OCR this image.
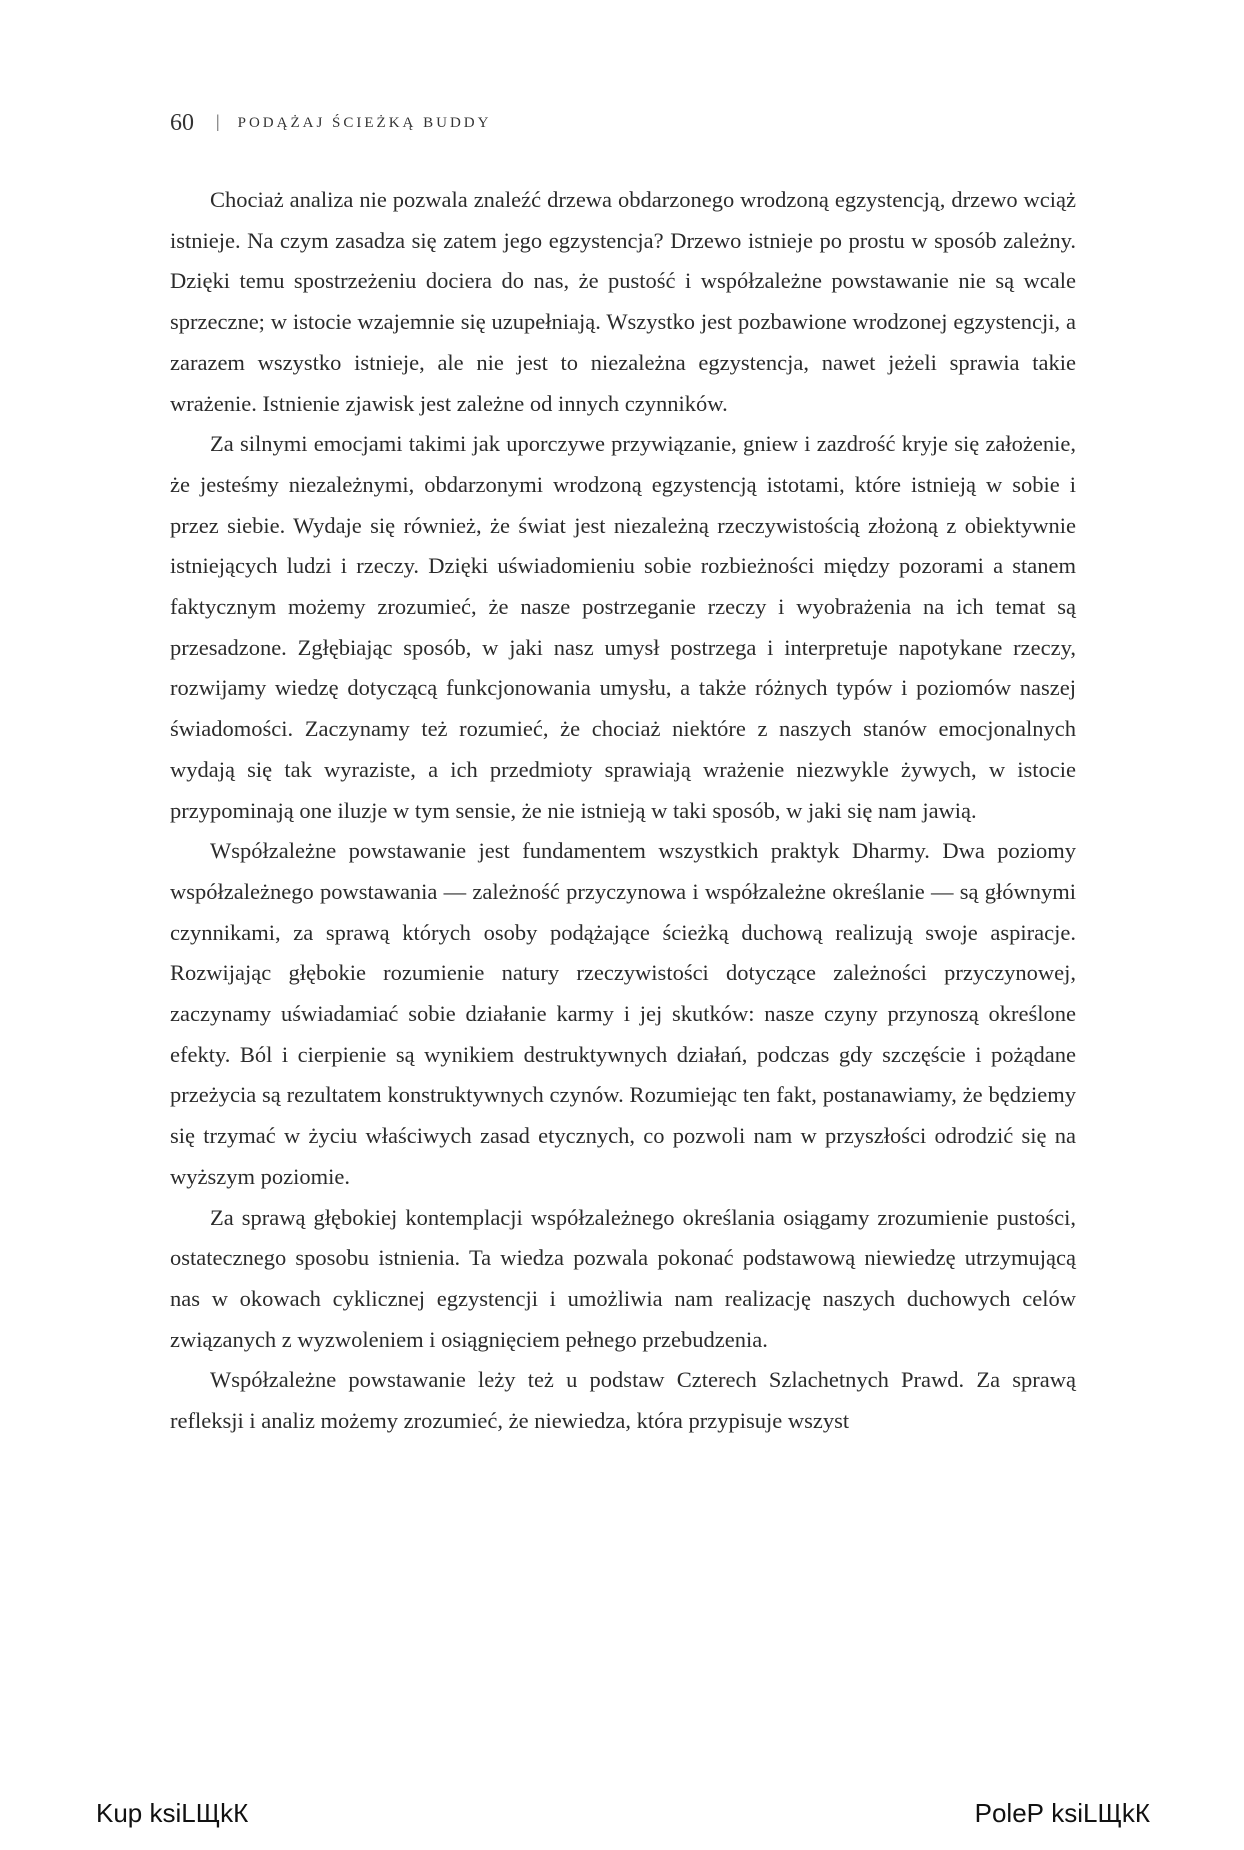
60 | PODĄŻAJ ŚCIEŻKĄ BUDDY

Chociaż analiza nie pozwala znaleźć drzewa obdarzonego wrodzoną egzystencją, drzewo wciąż istnieje. Na czym zasadza się zatem jego egzystencja? Drzewo istnieje po prostu w sposób zależny. Dzięki temu spostrzeżeniu dociera do nas, że pustość i współzależne powstawanie nie są wcale sprzeczne; w istocie wzajemnie się uzupełniają. Wszystko jest pozbawione wrodzonej egzystencji, a zarazem wszystko istnieje, ale nie jest to niezależna egzystencja, nawet jeżeli sprawia takie wrażenie. Istnienie zjawisk jest zależne od innych czynników.

Za silnymi emocjami takimi jak uporczywe przywiązanie, gniew i zazdrość kryje się założenie, że jesteśmy niezależnymi, obdarzonymi wrodzoną egzystencją istotami, które istnieją w sobie i przez siebie. Wydaje się również, że świat jest niezależną rzeczywistością złożoną z obiektywnie istniejących ludzi i rzeczy. Dzięki uświadomieniu sobie rozbieżności między pozorami a stanem faktycznym możemy zrozumieć, że nasze postrzeganie rzeczy i wyobrażenia na ich temat są przesadzone. Zgłębiając sposób, w jaki nasz umysł postrzega i interpretuje napotykane rzeczy, rozwijamy wiedzę dotyczącą funkcjonowania umysłu, a także różnych typów i poziomów naszej świadomości. Zaczynamy też rozumieć, że chociaż niektóre z naszych stanów emocjonalnych wydają się tak wyraziste, a ich przedmioty sprawiają wrażenie niezwykle żywych, w istocie przypominają one iluzje w tym sensie, że nie istnieją w taki sposób, w jaki się nam jawią.

Współzależne powstawanie jest fundamentem wszystkich praktyk Dharmy. Dwa poziomy współzależnego powstawania — zależność przyczynowa i współzależne określanie — są głównymi czynnikami, za sprawą których osoby podążające ścieżką duchową realizują swoje aspiracje. Rozwijając głębokie rozumienie natury rzeczywistości dotyczące zależności przyczynowej, zaczynamy uświadamiać sobie działanie karmy i jej skutków: nasze czyny przynoszą określone efekty. Ból i cierpienie są wynikiem destruktywnych działań, podczas gdy szczęście i pożądane przeżycia są rezultatem konstruktywnych czynów. Rozumiejąc ten fakt, postanawiamy, że będziemy się trzymać w życiu właściwych zasad etycznych, co pozwoli nam w przyszłości odrodzić się na wyższym poziomie.

Za sprawą głębokiej kontemplacji współzależnego określania osiągamy zrozumienie pustości, ostatecznego sposobu istnienia. Ta wiedza pozwala pokonać podstawową niewiedzę utrzymującą nas w okowach cyklicznej egzystencji i umożliwia nam realizację naszych duchowych celów związanych z wyzwoleniem i osiągnięciem pełnego przebudzenia.

Współzależne powstawanie leży też u podstaw Czterech Szlachetnych Prawd. Za sprawą refleksji i analiz możemy zrozumieć, że niewiedza, która przypisuje wszyst

Kup ksiLЩkК	PoleР ksiLЩkК
